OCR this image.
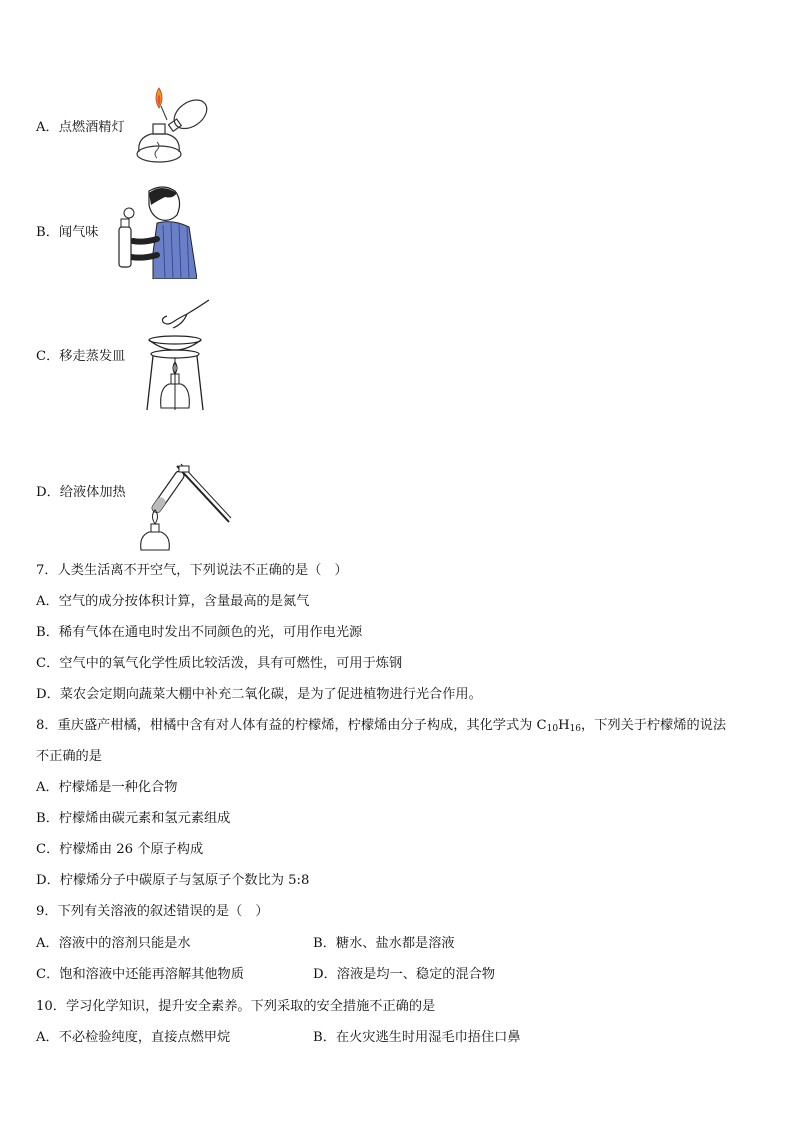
A．点燃酒精灯
B．闻气味
C．移走蒸发皿
D．给液体加热
7．人类生活离不开空气，下列说法不正确的是（　）
A．空气的成分按体积计算，含量最高的是氮气
B．稀有气体在通电时发出不同颜色的光，可用作电光源
C．空气中的氧气化学性质比较活泼，具有可燃性，可用于炼钢
D．菜农会定期向蔬菜大棚中补充二氧化碳，是为了促进植物进行光合作用。
8．重庆盛产柑橘，柑橘中含有对人体有益的柠檬烯，柠檬烯由分子构成，其化学式为 $C_{10}H_{16}$，下列关于柠檬烯的说法
不正确的是
A．柠檬烯是一种化合物
B．柠檬烯由碳元素和氢元素组成
C．柠檬烯由 26 个原子构成
D．柠檬烯分子中碳原子与氢原子个数比为 5:8
9．下列有关溶液的叙述错误的是（　）
A．溶液中的溶剂只能是水	B．糖水、盐水都是溶液
C．饱和溶液中还能再溶解其他物质	D．溶液是均一、稳定的混合物
10．学习化学知识，提升安全素养。下列采取的安全措施不正确的是
A．不必检验纯度，直接点燃甲烷	B．在火灾逃生时用湿毛巾捂住口鼻
